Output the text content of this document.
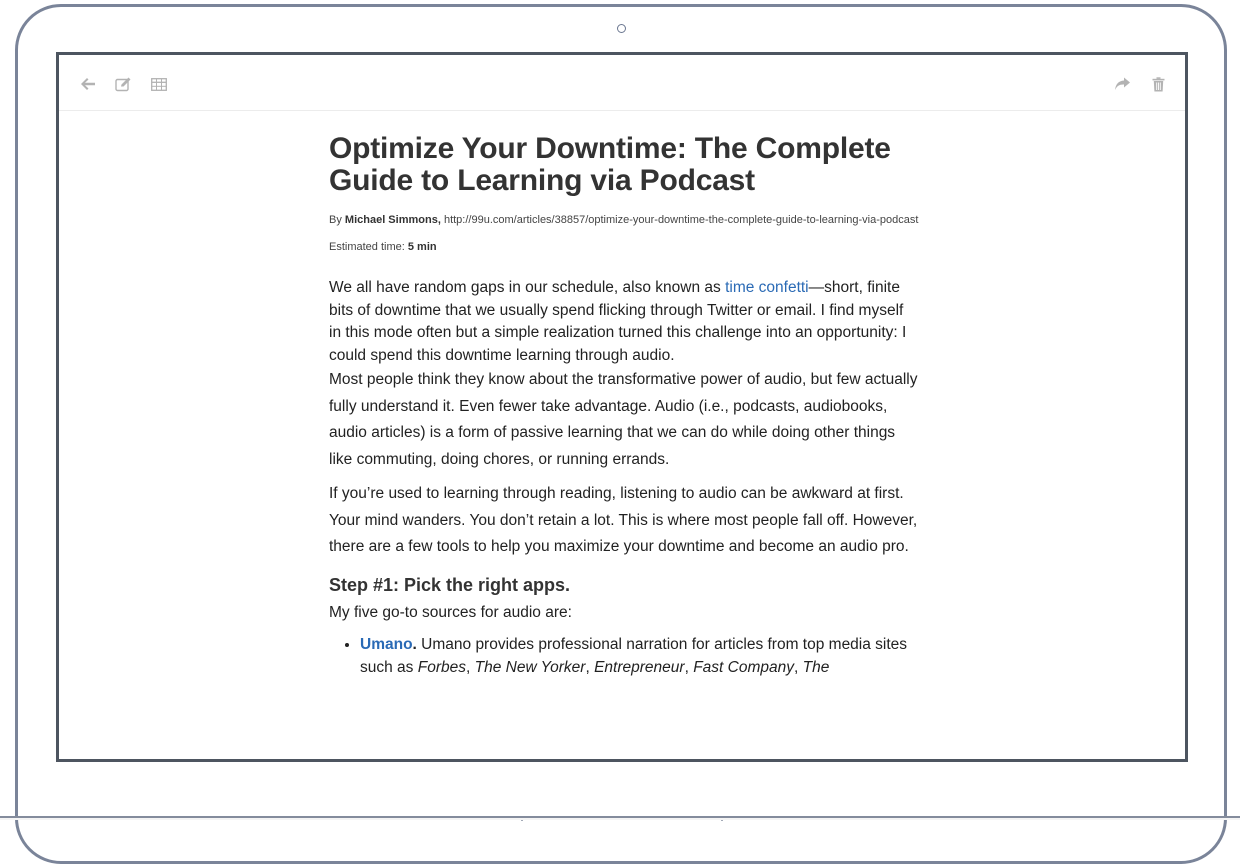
Optimize Your Downtime: The Complete Guide to Learning via Podcast
By Michael Simmons, http://99u.com/articles/38857/optimize-your-downtime-the-complete-guide-to-learning-via-podcast
Estimated time: 5 min

We all have random gaps in our schedule, also known as time confetti—short, finite bits of downtime that we usually spend flicking through Twitter or email. I find myself in this mode often but a simple realization turned this challenge into an opportunity: I could spend this downtime learning through audio.

Most people think they know about the transformative power of audio, but few actually fully understand it. Even fewer take advantage. Audio (i.e., podcasts, audiobooks, audio articles) is a form of passive learning that we can do while doing other things like commuting, doing chores, or running errands.

If you’re used to learning through reading, listening to audio can be awkward at first. Your mind wanders. You don’t retain a lot. This is where most people fall off. However, there are a few tools to help you maximize your downtime and become an audio pro.

Step #1: Pick the right apps.

My five go-to sources for audio are:

• Umano. Umano provides professional narration for articles from top media sites such as Forbes, The New Yorker, Entrepreneur, Fast Company, The
